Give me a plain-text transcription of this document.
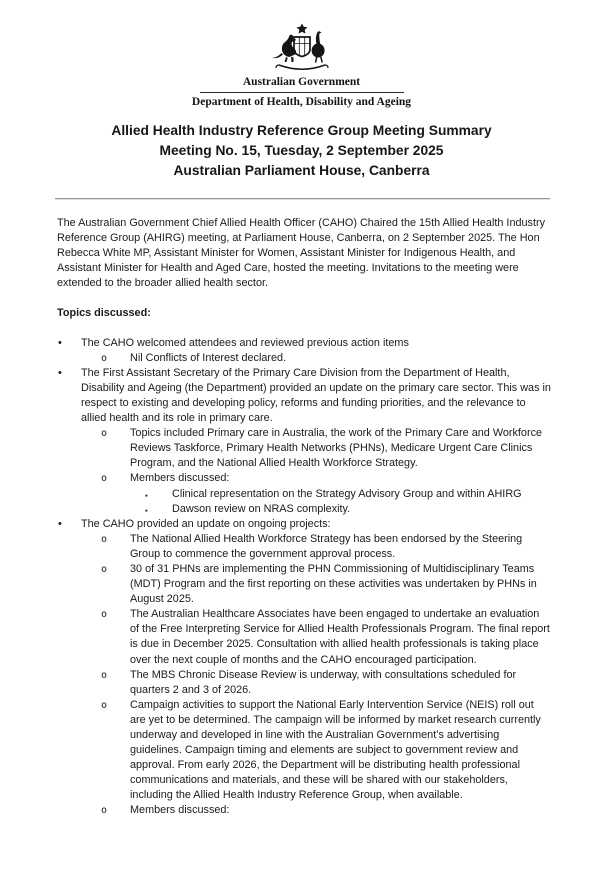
Australian Government
Department of Health, Disability and Ageing
Allied Health Industry Reference Group Meeting Summary
Meeting No. 15, Tuesday, 2 September 2025
Australian Parliament House, Canberra
The Australian Government Chief Allied Health Officer (CAHO) Chaired the 15th Allied Health Industry Reference Group (AHIRG) meeting, at Parliament House, Canberra, on 2 September 2025. The Hon Rebecca White MP, Assistant Minister for Women, Assistant Minister for Indigenous Health, and Assistant Minister for Health and Aged Care, hosted the meeting. Invitations to the meeting were extended to the broader allied health sector.
Topics discussed:
• The CAHO welcomed attendees and reviewed previous action items
o Nil Conflicts of Interest declared.
• The First Assistant Secretary of the Primary Care Division from the Department of Health, Disability and Ageing (the Department) provided an update on the primary care sector. This was in respect to existing and developing policy, reforms and funding priorities, and the relevance to allied health and its role in primary care.
o Topics included Primary care in Australia, the work of the Primary Care and Workforce Reviews Taskforce, Primary Health Networks (PHNs), Medicare Urgent Care Clinics Program, and the National Allied Health Workforce Strategy.
o Members discussed:
▪ Clinical representation on the Strategy Advisory Group and within AHIRG
▪ Dawson review on NRAS complexity.
• The CAHO provided an update on ongoing projects:
o The National Allied Health Workforce Strategy has been endorsed by the Steering Group to commence the government approval process.
o 30 of 31 PHNs are implementing the PHN Commissioning of Multidisciplinary Teams (MDT) Program and the first reporting on these activities was undertaken by PHNs in August 2025.
o The Australian Healthcare Associates have been engaged to undertake an evaluation of the Free Interpreting Service for Allied Health Professionals Program. The final report is due in December 2025. Consultation with allied health professionals is taking place over the next couple of months and the CAHO encouraged participation.
o The MBS Chronic Disease Review is underway, with consultations scheduled for quarters 2 and 3 of 2026.
o Campaign activities to support the National Early Intervention Service (NEIS) roll out are yet to be determined. The campaign will be informed by market research currently underway and developed in line with the Australian Government’s advertising guidelines. Campaign timing and elements are subject to government review and approval. From early 2026, the Department will be distributing health professional communications and materials, and these will be shared with our stakeholders, including the Allied Health Industry Reference Group, when available.
o Members discussed:
